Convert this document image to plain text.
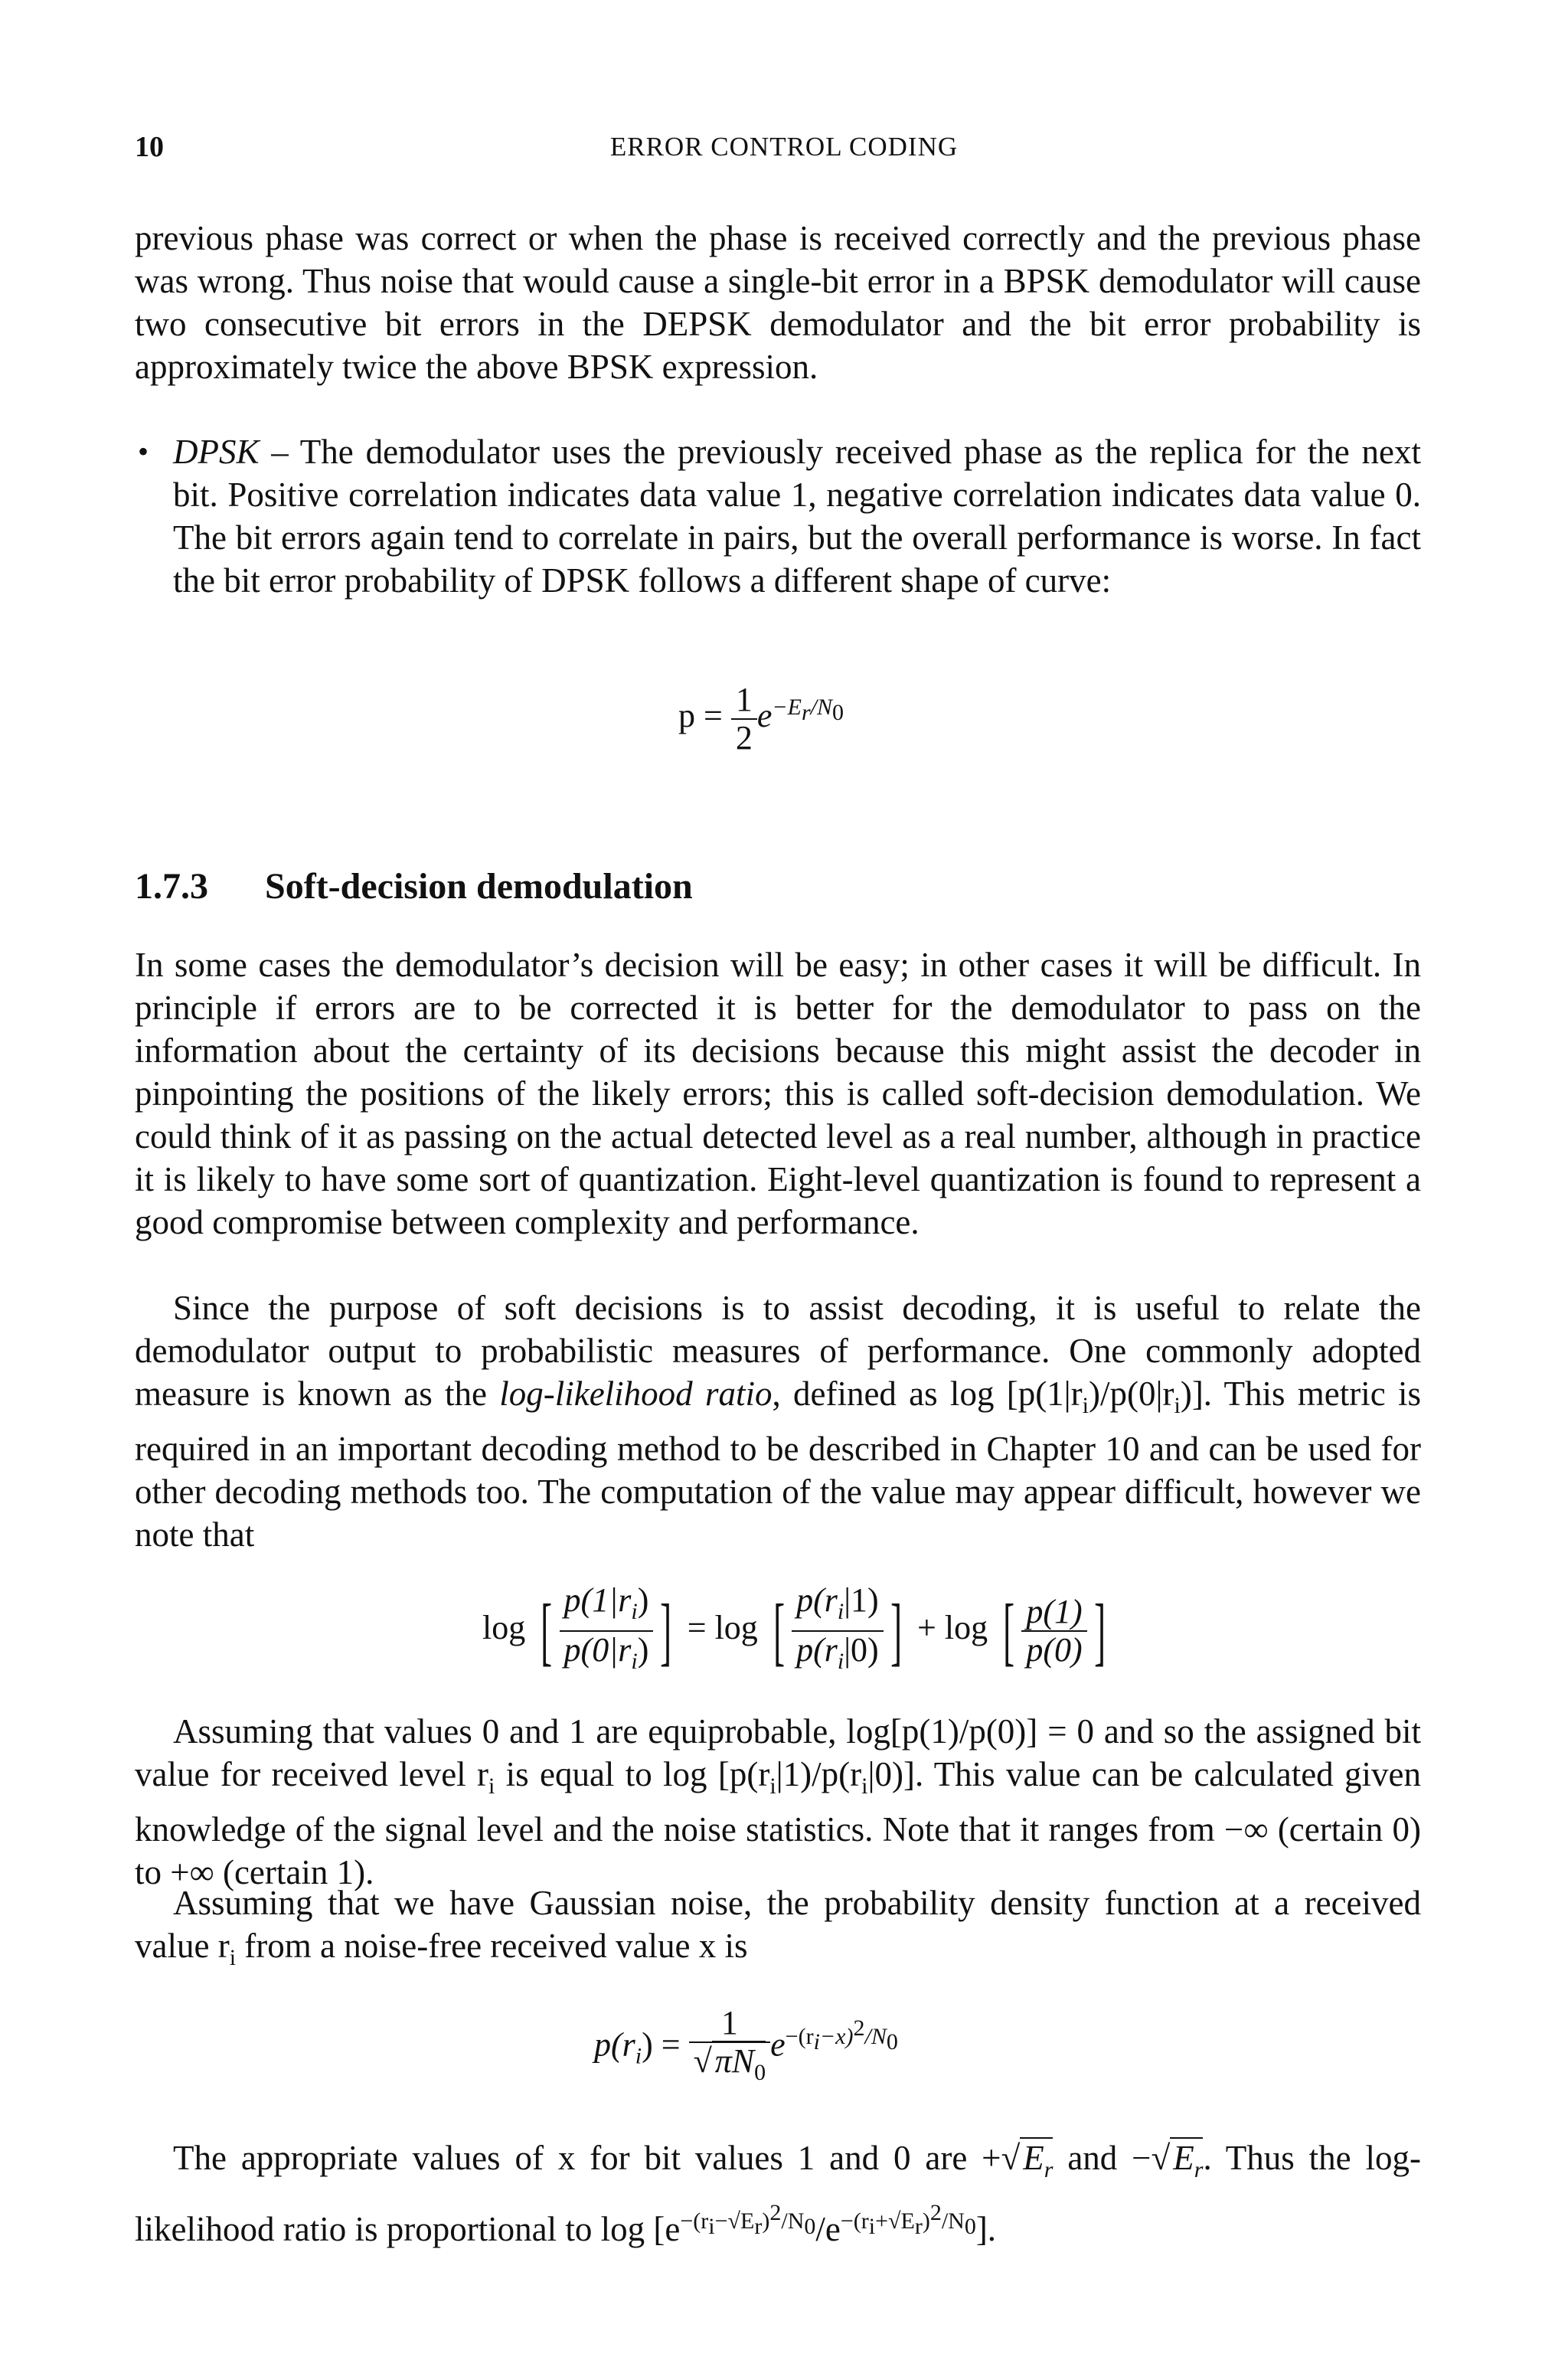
10	ERROR CONTROL CODING
previous phase was correct or when the phase is received correctly and the previous phase was wrong. Thus noise that would cause a single-bit error in a BPSK demodulator will cause two consecutive bit errors in the DEPSK demodulator and the bit error probability is approximately twice the above BPSK expression.
• DPSK – The demodulator uses the previously received phase as the replica for the next bit. Positive correlation indicates data value 1, negative correlation indicates data value 0. The bit errors again tend to correlate in pairs, but the overall performance is worse. In fact the bit error probability of DPSK follows a different shape of curve:
$p = \frac{1}{2} e^{-E_r/N_0}$
1.7.3 Soft-decision demodulation
In some cases the demodulator’s decision will be easy; in other cases it will be difficult. In principle if errors are to be corrected it is better for the demodulator to pass on the information about the certainty of its decisions because this might assist the decoder in pinpointing the positions of the likely errors; this is called soft-decision demodulation. We could think of it as passing on the actual detected level as a real number, although in practice it is likely to have some sort of quantization. Eight-level quantization is found to represent a good compromise between complexity and performance.
Since the purpose of soft decisions is to assist decoding, it is useful to relate the demodulator output to probabilistic measures of performance. One commonly adopted measure is known as the log-likelihood ratio, defined as $\log [p(1|r_i)/p(0|r_i)]$. This metric is required in an important decoding method to be described in Chapter 10 and can be used for other decoding methods too. The computation of the value may appear difficult, however we note that
log [ $\frac{p(1|r_i)}{p(0|r_i)}$ ] = log [ $\frac{p(r_i|1)}{p(r_i|0)}$ ] + log [ $\frac{p(1)}{p(0)}$ ]
Assuming that values 0 and 1 are equiprobable, log[p(1)/p(0)] = 0 and so the assigned bit value for received level $r_i$ is equal to $\log [p(r_i|1)/p(r_i|0)]$. This value can be calculated given knowledge of the signal level and the noise statistics. Note that it ranges from −∞ (certain 0) to +∞ (certain 1).
Assuming that we have Gaussian noise, the probability density function at a received value $r_i$ from a noise-free received value x is
$p(r_i) = \frac{1}{√\pi N_0} e^{-(r_i-x)^2/N_0}$
The appropriate values of x for bit values 1 and 0 are $+√E_r$ and $-√E_r$. Thus the log-likelihood ratio is proportional to $\log [e^{-(r_i-√E_r)^2/N_0}/e^{-(r_i+√E_r)^2/N_0}]$.
